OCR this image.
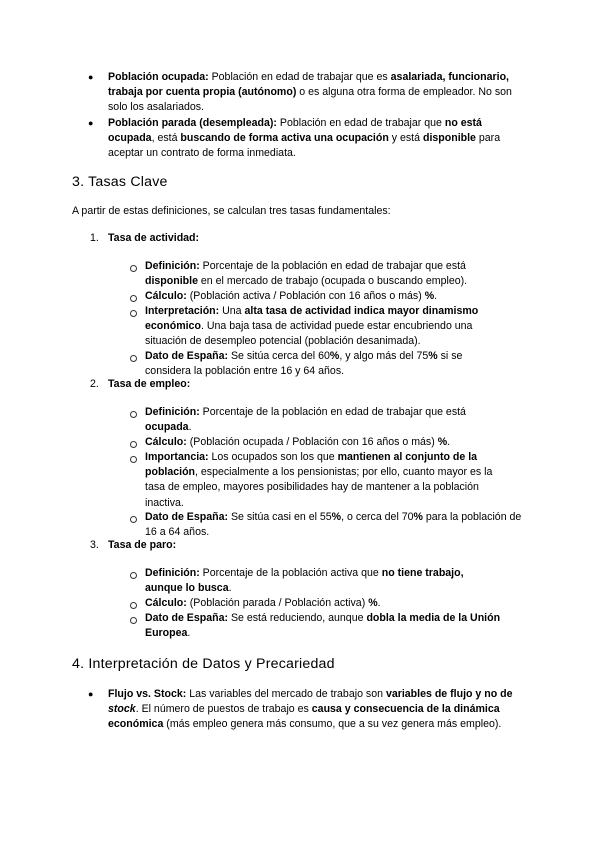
● Población ocupada: Población en edad de trabajar que es asalariada, funcionario, trabaja por cuenta propia (autónomo) o es alguna otra forma de empleador. No son solo los asalariados.

● Población parada (desempleada): Población en edad de trabajar que no está ocupada, está buscando de forma activa una ocupación y está disponible para aceptar un contrato de forma inmediata.

3. Tasas Clave

A partir de estas definiciones, se calculan tres tasas fundamentales:

1. Tasa de actividad:

Definición: Porcentaje de la población en edad de trabajar que está disponible en el mercado de trabajo (ocupada o buscando empleo).

Cálculo: (Población activa / Población con 16 años o más) %.

Interpretación: Una alta tasa de actividad indica mayor dinamismo económico. Una baja tasa de actividad puede estar encubriendo una situación de desempleo potencial (población desanimada).

Dato de España: Se sitúa cerca del 60%, y algo más del 75% si se considera la población entre 16 y 64 años.

2. Tasa de empleo:

Definición: Porcentaje de la población en edad de trabajar que está ocupada.

Cálculo: (Población ocupada / Población con 16 años o más) %.

Importancia: Los ocupados son los que mantienen al conjunto de la población, especialmente a los pensionistas; por ello, cuanto mayor es la tasa de empleo, mayores posibilidades hay de mantener a la población inactiva.

Dato de España: Se sitúa casi en el 55%, o cerca del 70% para la población de 16 a 64 años.

3. Tasa de paro:

Definición: Porcentaje de la población activa que no tiene trabajo, aunque lo busca.

Cálculo: (Población parada / Población activa) %.

Dato de España: Se está reduciendo, aunque dobla la media de la Unión Europea.

4. Interpretación de Datos y Precariedad
● Flujo vs. Stock: Las variables del mercado de trabajo son variables de flujo y no de stock. El número de puestos de trabajo es causa y consecuencia de la dinámica económica (más empleo genera más consumo, que a su vez genera más empleo).
